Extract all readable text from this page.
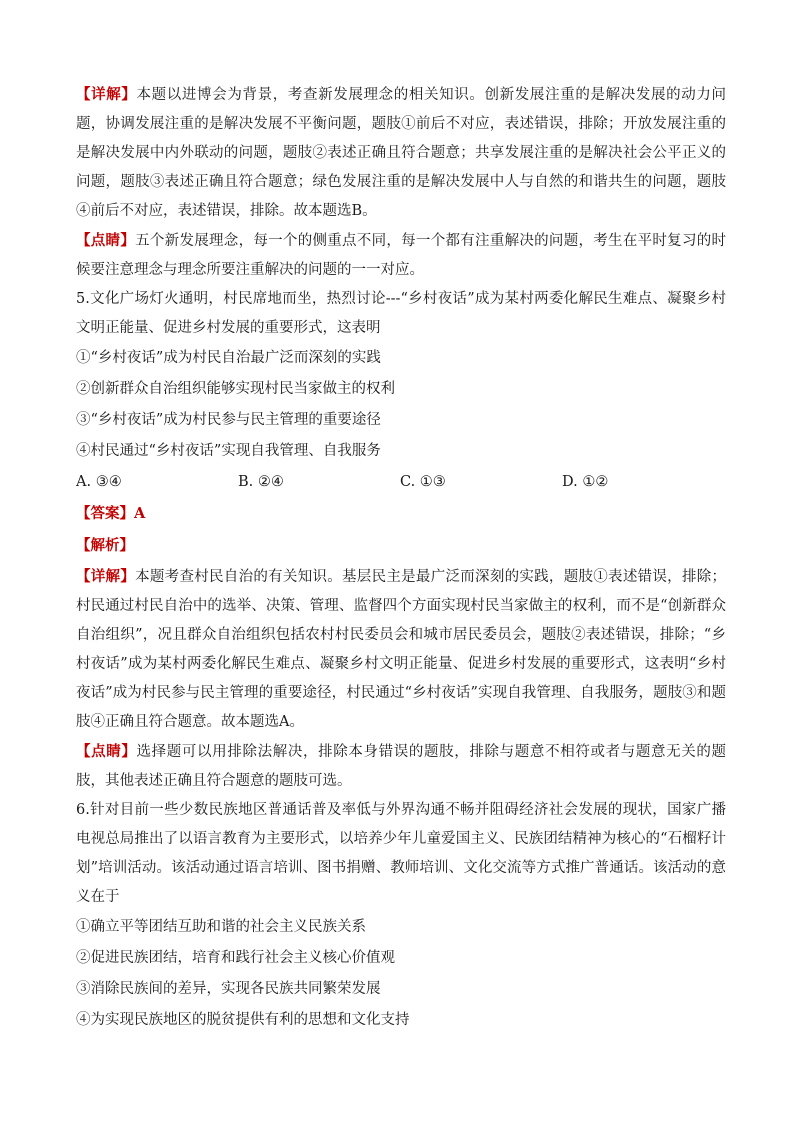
【详解】本题以进博会为背景，考查新发展理念的相关知识。创新发展注重的是解决发展的动力问题，协调发展注重的是解决发展不平衡问题，题肢①前后不对应，表述错误，排除；开放发展注重的是解决发展中内外联动的问题，题肢②表述正确且符合题意；共享发展注重的是解决社会公平正义的问题，题肢③表述正确且符合题意；绿色发展注重的是解决发展中人与自然的和谐共生的问题，题肢④前后不对应，表述错误，排除。故本题选B。

【点睛】五个新发展理念，每一个的侧重点不同，每一个都有注重解决的问题，考生在平时复习的时候要注意理念与理念所要注重解决的问题的一一对应。

5.文化广场灯火通明，村民席地而坐，热烈讨论---“乡村夜话”成为某村两委化解民生难点、凝聚乡村文明正能量、促进乡村发展的重要形式，这表明

①“乡村夜话”成为村民自治最广泛而深刻的实践

②创新群众自治组织能够实现村民当家做主的权利

③“乡村夜话”成为村民参与民主管理的重要途径

④村民通过“乡村夜话”实现自我管理、自我服务

A. ③④	B. ②④	C. ①③	D. ①②

【答案】A

【解析】

【详解】本题考查村民自治的有关知识。基层民主是最广泛而深刻的实践，题肢①表述错误，排除；村民通过村民自治中的选举、决策、管理、监督四个方面实现村民当家做主的权利，而不是“创新群众自治组织”，况且群众自治组织包括农村村民委员会和城市居民委员会，题肢②表述错误，排除；“乡村夜话”成为某村两委化解民生难点、凝聚乡村文明正能量、促进乡村发展的重要形式，这表明“乡村夜话”成为村民参与民主管理的重要途径，村民通过“乡村夜话”实现自我管理、自我服务，题肢③和题肢④正确且符合题意。故本题选A。

【点睛】选择题可以用排除法解决，排除本身错误的题肢，排除与题意不相符或者与题意无关的题肢，其他表述正确且符合题意的题肢可选。

6.针对目前一些少数民族地区普通话普及率低与外界沟通不畅并阻碍经济社会发展的现状，国家广播电视总局推出了以语言教育为主要形式，以培养少年儿童爱国主义、民族团结精神为核心的“石榴籽计划”培训活动。该活动通过语言培训、图书捐赠、教师培训、文化交流等方式推广普通话。该活动的意义在于

①确立平等团结互助和谐的社会主义民族关系

②促进民族团结，培育和践行社会主义核心价值观

③消除民族间的差异，实现各民族共同繁荣发展

④为实现民族地区的脱贫提供有利的思想和文化支持
